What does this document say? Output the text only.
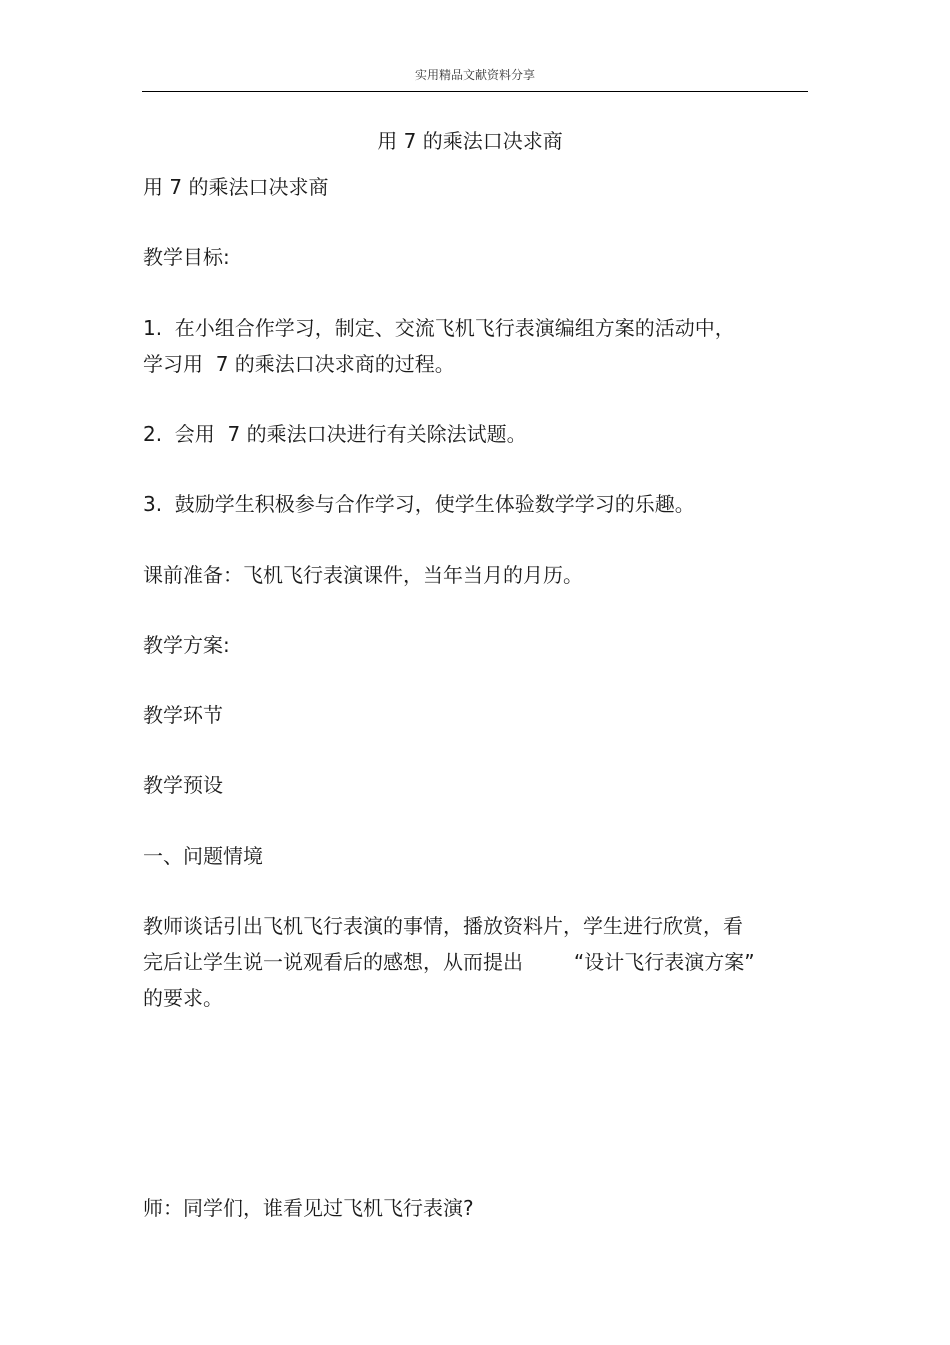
实用精品文献资料分享
用 7 的乘法口决求商
用 7 的乘法口决求商
教学目标:
1.  在小组合作学习，制定、交流飞机飞行表演编组方案的活动中，
学习用  7 的乘法口决求商的过程。
2.  会用  7 的乘法口决进行有关除法试题。
3.  鼓励学生积极参与合作学习，使学生体验数学学习的乐趣。
课前准备：飞机飞行表演课件，当年当月的月历。
教学方案:
教学环节
教学预设
一、问题情境
教师谈话引出飞机飞行表演的事情，播放资料片，学生进行欣赏，看
完后让学生说一说观看后的感想，从而提出        “设计飞行表演方案”
的要求。
师：同学们，谁看见过飞机飞行表演?
